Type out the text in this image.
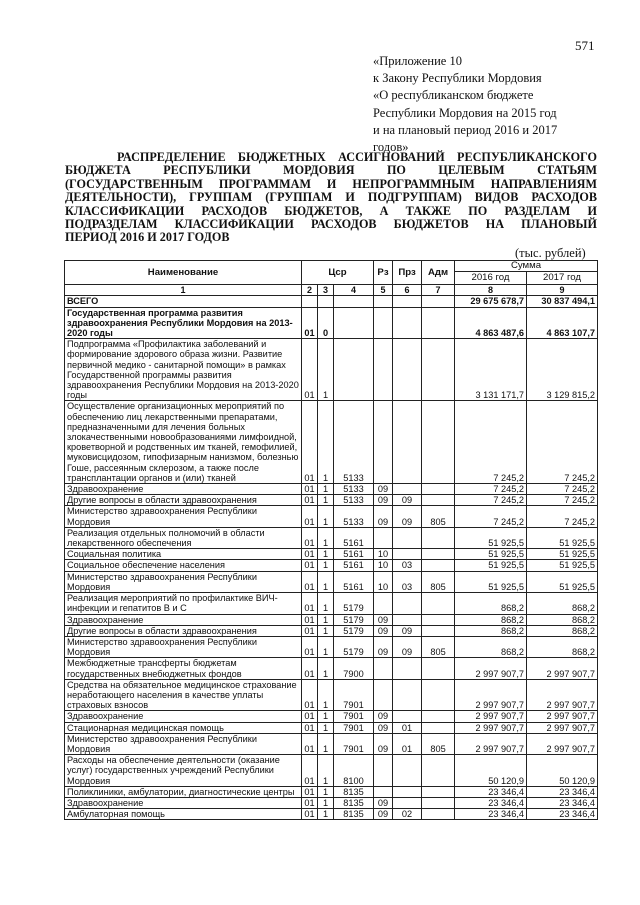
571
«Приложение 10
к Закону Республики Мордовия
«О республиканском бюджете
Республики Мордовия на 2015 год
и на плановый период 2016 и 2017
годов»
РАСПРЕДЕЛЕНИЕ БЮДЖЕТНЫХ АССИГНОВАНИЙ РЕСПУБЛИКАНСКОГО
БЮДЖЕТА РЕСПУБЛИКИ МОРДОВИЯ ПО ЦЕЛЕВЫМ СТАТЬЯМ
(ГОСУДАРСТВЕННЫМ ПРОГРАММАМ И НЕПРОГРАММНЫМ НАПРАВЛЕНИЯМ
ДЕЯТЕЛЬНОСТИ), ГРУППАМ (ГРУППАМ И ПОДГРУППАМ) ВИДОВ РАСХОДОВ
КЛАССИФИКАЦИИ РАСХОДОВ БЮДЖЕТОВ, А ТАКЖЕ ПО РАЗДЕЛАМ И
ПОДРАЗДЕЛАМ КЛАССИФИКАЦИИ РАСХОДОВ БЮДЖЕТОВ НА ПЛАНОВЫЙ
ПЕРИОД 2016 И 2017 ГОДОВ
(тыс. рублей)
Наименование	Цср			Рз	Прз	Адм	Сумма	
							2016 год	2017 год
1	2	3	4	5	6	7	8	9
ВСЕГО							29 675 678,7	30 837 494,1
Государственная программа развития здравоохранения Республики Мордовия на 2013-2020 годы	01	0					4 863 487,6	4 863 107,7
Подпрограмма «Профилактика заболеваний и формирование здорового образа жизни. Развитие первичной медико - санитарной помощи» в рамках Государственной программы развития здравоохранения Республики Мордовия на 2013-2020 годы	01	1					3 131 171,7	3 129 815,2
Осуществление организационных мероприятий по обеспечению лиц лекарственными препаратами, предназначенными для лечения больных злокачественными новообразованиями лимфоидной, кроветворной и родственных им тканей, гемофилией, муковисцидозом, гипофизарным нанизмом, болезнью Гоше, рассеянным склерозом, а также после трансплантации органов и (или) тканей	01	1	5133				7 245,2	7 245,2
Здравоохранение	01	1	5133	09			7 245,2	7 245,2
Другие вопросы в области здравоохранения	01	1	5133	09	09		7 245,2	7 245,2
Министерство здравоохранения Республики Мордовия	01	1	5133	09	09	805	7 245,2	7 245,2
Реализация отдельных полномочий в области лекарственного обеспечения	01	1	5161				51 925,5	51 925,5
Социальная политика	01	1	5161	10			51 925,5	51 925,5
Социальное обеспечение населения	01	1	5161	10	03		51 925,5	51 925,5
Министерство здравоохранения Республики Мордовия	01	1	5161	10	03	805	51 925,5	51 925,5
Реализация мероприятий по профилактике ВИЧ-инфекции и гепатитов В и С	01	1	5179				868,2	868,2
Здравоохранение	01	1	5179	09			868,2	868,2
Другие вопросы в области здравоохранения	01	1	5179	09	09		868,2	868,2
Министерство здравоохранения Республики Мордовия	01	1	5179	09	09	805	868,2	868,2
Межбюджетные трансферты бюджетам государственных внебюджетных фондов	01	1	7900				2 997 907,7	2 997 907,7
Средства на обязательное медицинское страхование неработающего населения в качестве уплаты страховых взносов	01	1	7901				2 997 907,7	2 997 907,7
Здравоохранение	01	1	7901	09			2 997 907,7	2 997 907,7
Стационарная медицинская помощь	01	1	7901	09	01		2 997 907,7	2 997 907,7
Министерство здравоохранения Республики Мордовия	01	1	7901	09	01	805	2 997 907,7	2 997 907,7
Расходы на обеспечение деятельности (оказание услуг) государственных учреждений Республики Мордовия	01	1	8100				50 120,9	50 120,9
Поликлиники, амбулатории, диагностические центры	01	1	8135				23 346,4	23 346,4
Здравоохранение	01	1	8135	09			23 346,4	23 346,4
Амбулаторная помощь	01	1	8135	09	02		23 346,4	23 346,4
